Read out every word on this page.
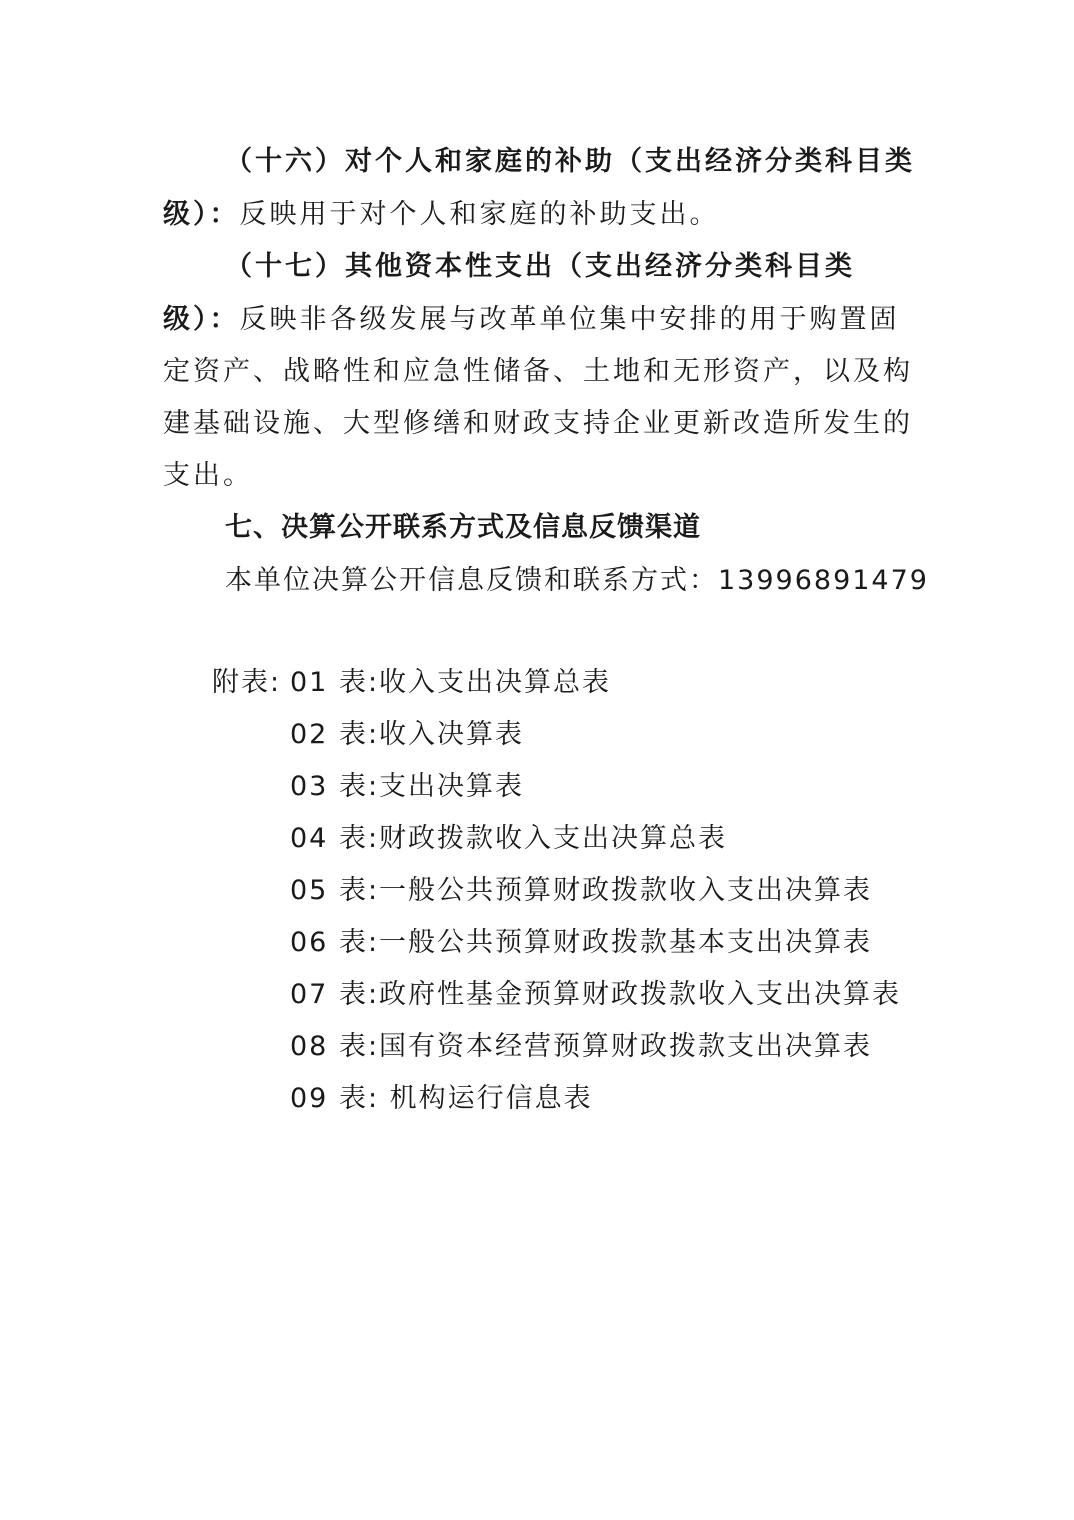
（十六）对个人和家庭的补助（支出经济分类科目类
级）：反映用于对个人和家庭的补助支出。
（十七）其他资本性支出（支出经济分类科目类
级）：反映非各级发展与改革单位集中安排的用于购置固
定资产、战略性和应急性储备、土地和无形资产，以及构
建基础设施、大型修缮和财政支持企业更新改造所发生的
支出。
七、决算公开联系方式及信息反馈渠道
本单位决算公开信息反馈和联系方式：13996891479
附表: 01 表:收入支出决算总表
02 表:收入决算表
03 表:支出决算表
04 表:财政拨款收入支出决算总表
05 表:一般公共预算财政拨款收入支出决算表
06 表:一般公共预算财政拨款基本支出决算表
07 表:政府性基金预算财政拨款收入支出决算表
08 表:国有资本经营预算财政拨款支出决算表
09 表: 机构运行信息表
